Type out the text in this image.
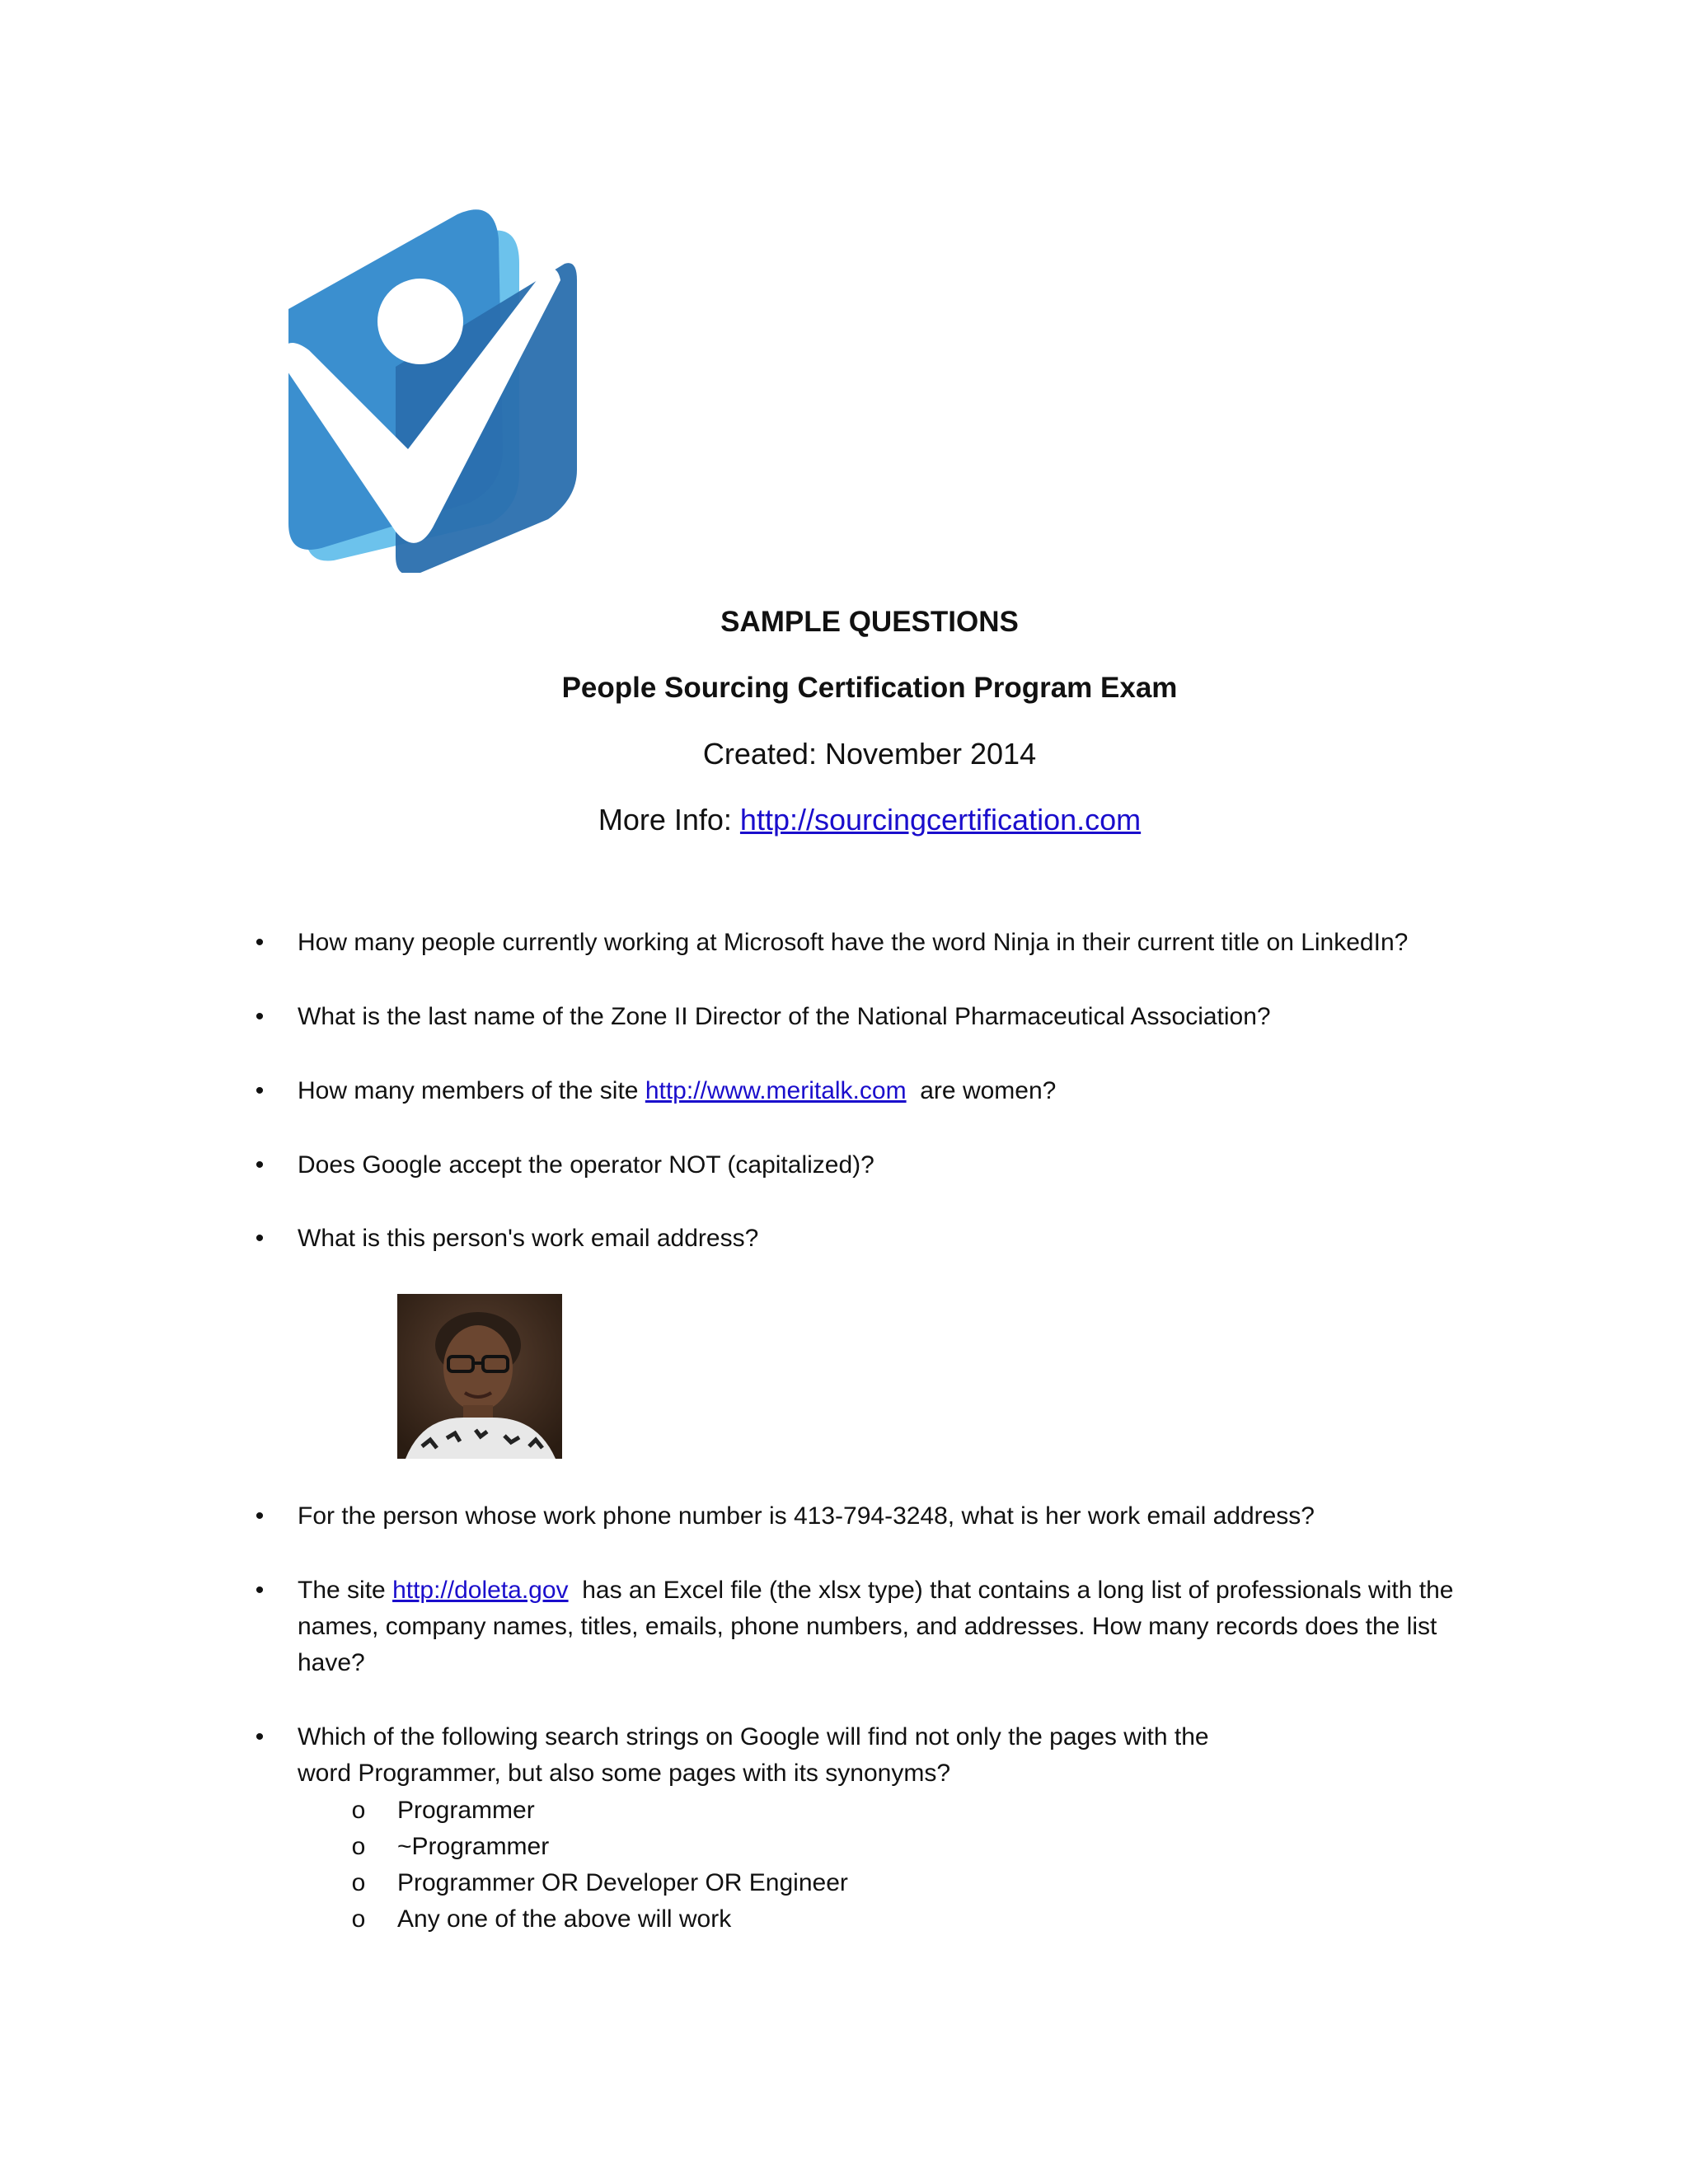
SAMPLE QUESTIONS
People Sourcing Certification Program Exam
Created: November 2014
More Info: http://sourcingcertification.com
•	How many people currently working at Microsoft have the word Ninja in their current title on LinkedIn?
•	What is the last name of the Zone II Director of the National Pharmaceutical Association?
•	How many members of the site http://www.meritalk.com  are women?
•	Does Google accept the operator NOT (capitalized)?
•	What is this person's work email address?
•	For the person whose work phone number is 413-794-3248, what is her work email address?
•	The site http://doleta.gov  has an Excel file (the xlsx type) that contains a long list of professionals with the names, company names, titles, emails, phone numbers, and addresses. How many records does the list have?
•	Which of the following search strings on Google will find not only the pages with the
word Programmer, but also some pages with its synonyms?
o Programmer
o ~Programmer
o Programmer OR Developer OR Engineer
o Any one of the above will work
